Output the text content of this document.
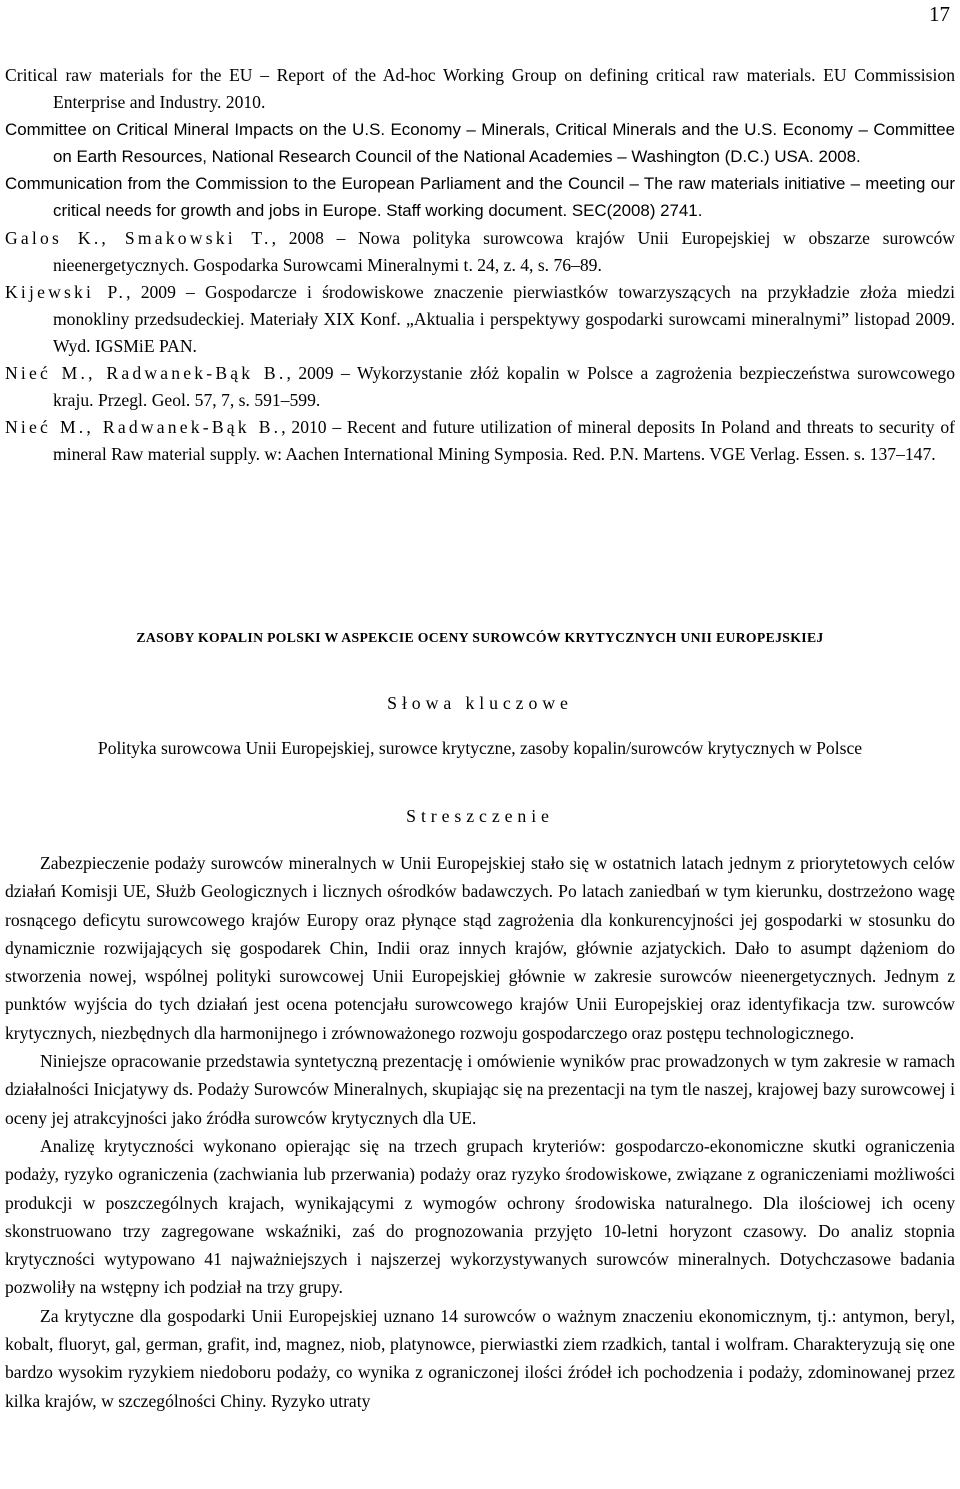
17
Critical raw materials for the EU – Report of the Ad-hoc Working Group on defining critical raw materials. EU Commissision Enterprise and Industry. 2010.
Committee on Critical Mineral Impacts on the U.S. Economy – Minerals, Critical Minerals and the U.S. Economy – Committee on Earth Resources, National Research Council of the National Academies – Washington (D.C.) USA. 2008.
Communication from the Commission to the European Parliament and the Council – The raw materials initiative – meeting our critical needs for growth and jobs in Europe. Staff working document. SEC(2008) 2741.
Galos K., Smakowski T., 2008 – Nowa polityka surowcowa krajów Unii Europejskiej w obszarze surowców nieenergetycznych. Gospodarka Surowcami Mineralnymi t. 24, z. 4, s. 76–89.
Kijewski P., 2009 – Gospodarcze i środowiskowe znaczenie pierwiastków towarzyszących na przykładzie złoża miedzi monokliny przedsudeckiej. Materiały XIX Konf. „Aktualia i perspektywy gospodarki surowcami mineralnymi” listopad 2009. Wyd. IGSMiE PAN.
Nieć M., Radwanek-Bąk B., 2009 – Wykorzystanie złóż kopalin w Polsce a zagrożenia bezpieczeństwa surowcowego kraju. Przegl. Geol. 57, 7, s. 591–599.
Nieć M., Radwanek-Bąk B., 2010 – Recent and future utilization of mineral deposits In Poland and threats to security of mineral Raw material supply. w: Aachen International Mining Symposia. Red. P.N. Martens. VGE Verlag. Essen. s. 137–147.
ZASOBY KOPALIN POLSKI W ASPEKCIE OCENY SUROWCÓW KRYTYCZNYCH UNII EUROPEJSKIEJ
Słowa kluczowe
Polityka surowcowa Unii Europejskiej, surowce krytyczne, zasoby kopalin/surowców krytycznych w Polsce
Streszczenie

Zabezpieczenie podaży surowców mineralnych w Unii Europejskiej stało się w ostatnich latach jednym z priorytetowych celów działań Komisji UE, Służb Geologicznych i licznych ośrodków badawczych. Po latach zaniedbań w tym kierunku, dostrzeżono wagę rosnącego deficytu surowcowego krajów Europy oraz płynące stąd zagrożenia dla konkurencyjności jej gospodarki w stosunku do dynamicznie rozwijających się gospodarek Chin, Indii oraz innych krajów, głównie azjatyckich. Dało to asumpt dążeniom do stworzenia nowej, wspólnej polityki surowcowej Unii Europejskiej głównie w zakresie surowców nieenergetycznych. Jednym z punktów wyjścia do tych działań jest ocena potencjału surowcowego krajów Unii Europejskiej oraz identyfikacja tzw. surowców krytycznych, niezbędnych dla harmonijnego i zrównoważonego rozwoju gospodarczego oraz postępu technologicznego.

Niniejsze opracowanie przedstawia syntetyczną prezentację i omówienie wyników prac prowadzonych w tym zakresie w ramach działalności Inicjatywy ds. Podaży Surowców Mineralnych, skupiając się na prezentacji na tym tle naszej, krajowej bazy surowcowej i oceny jej atrakcyjności jako źródła surowców krytycznych dla UE.

Analizę krytyczności wykonano opierając się na trzech grupach kryteriów: gospodarczo-ekonomiczne skutki ograniczenia podaży, ryzyko ograniczenia (zachwiania lub przerwania) podaży oraz ryzyko środowiskowe, związane z ograniczeniami możliwości produkcji w poszczególnych krajach, wynikającymi z wymogów ochrony środowiska naturalnego. Dla ilościowej ich oceny skonstruowano trzy zagregowane wskaźniki, zaś do prognozowania przyjęto 10-letni horyzont czasowy. Do analiz stopnia krytyczności wytypowano 41 najważniejszych i najszerzej wykorzystywanych surowców mineralnych. Dotychczasowe badania pozwoliły na wstępny ich podział na trzy grupy.

Za krytyczne dla gospodarki Unii Europejskiej uznano 14 surowców o ważnym znaczeniu ekonomicznym, tj.: antymon, beryl, kobalt, fluoryt, gal, german, grafit, ind, magnez, niob, platynowce, pierwiastki ziem rzadkich, tantal i wolfram. Charakteryzują się one bardzo wysokim ryzykiem niedoboru podaży, co wynika z ograniczonej ilości źródeł ich pochodzenia i podaży, zdominowanej przez kilka krajów, w szczególności Chiny. Ryzyko utraty
